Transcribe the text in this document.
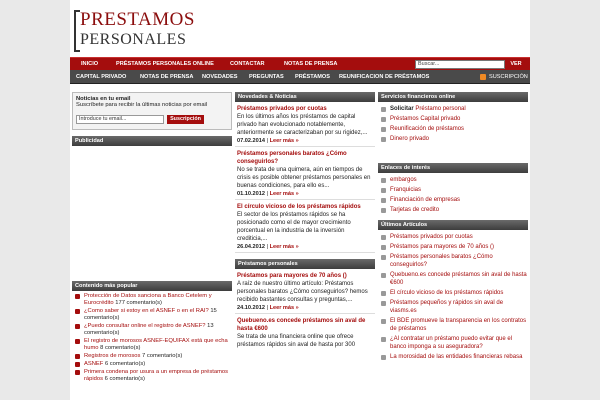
PRESTAMOS
PERSONALES
INICIO	PRÉSTAMOS PERSONALES ONLINE	CONTACTAR	NOTAS DE PRENSA	Buscar...	VER
CAPITAL PRIVADO NOTAS DE PRENSA NOVEDADES PREGUNTAS PRÉSTAMOS REUNIFICACION DE PRÉSTAMOS	SUSCRIPCIÓN
Noticias en tu email
Suscríbete para recibir la últimas noticias por email
Introduce tu email...	Suscripción
Publicidad
Contenido más popular
Protección de Datos sanciona a Banco Cetelem y Eurocrédito 177 comentario(s)
¿Como saber si estoy en el ASNEF o en el RAI? 15 comentario(s)
¿Puedo consultar online el registro de ASNEF? 13 comentario(s)
El registro de morosos ASNEF-EQUIFAX está que echa humo 8 comentario(s)
Registros de morosos 7 comentario(s)
ASNEF 6 comentario(s)
Primera condena por usura a un empresa de préstamos rápidos 6 comentario(s)
Novedades & Noticias
Préstamos privados por cuotas
En los últimos años los préstamos de capital privado han evolucionado notablemente, anteriormente se caracterizaban por su rigidez,...
07.02.2014 | Leer más »
Préstamos personales baratos ¿Cómo conseguirlos?
No se trata de una quimera, aún en tiempos de crisis es posible obtener préstamos personales en buenas condiciones, para ello es...
01.10.2012 | Leer más »
El círculo vicioso de los préstamos rápidos
El sector de los préstamos rápidos se ha posicionado como el de mayor crecimiento porcentual en la industria de la inversión crediticia,...
26.04.2012 | Leer más »
Préstamos personales
Préstamos para mayores de 70 años ()
A raíz de nuestro último artículo: Préstamos personales baratos ¿Cómo conseguirlos? hemos recibido bastantes consultas y preguntas,...
24.10.2012 | Leer más »
Quebueno.es concede préstamos sin aval de hasta €600
Se trata de una financiera online que ofrece préstamos rápidos sin aval de hasta por 300
Servicios financieros online
Solicitar Préstamo personal
Préstamos Capital privado
Reunificación de préstamos
Dinero privado
Enlaces de interés
embargos
Franquicias
Financiación de empresas
Tarjetas de credito
Últimos Artículos
Préstamos privados por cuotas
Préstamos para mayores de 70 años ()
Préstamos personales baratos ¿Cómo conseguirlos?
Quebueno.es concede préstamos sin aval de hasta €600
El círculo vicioso de los préstamos rápidos
Préstamos pequeños y rápidos sin aval de viasms.es
El BDE promueve la transparencia en los contratos de préstamos
¿Al contratar un préstamo puedo evitar que el banco imponga a su aseguradora?
La morosidad de las entidades financieras rebasa
